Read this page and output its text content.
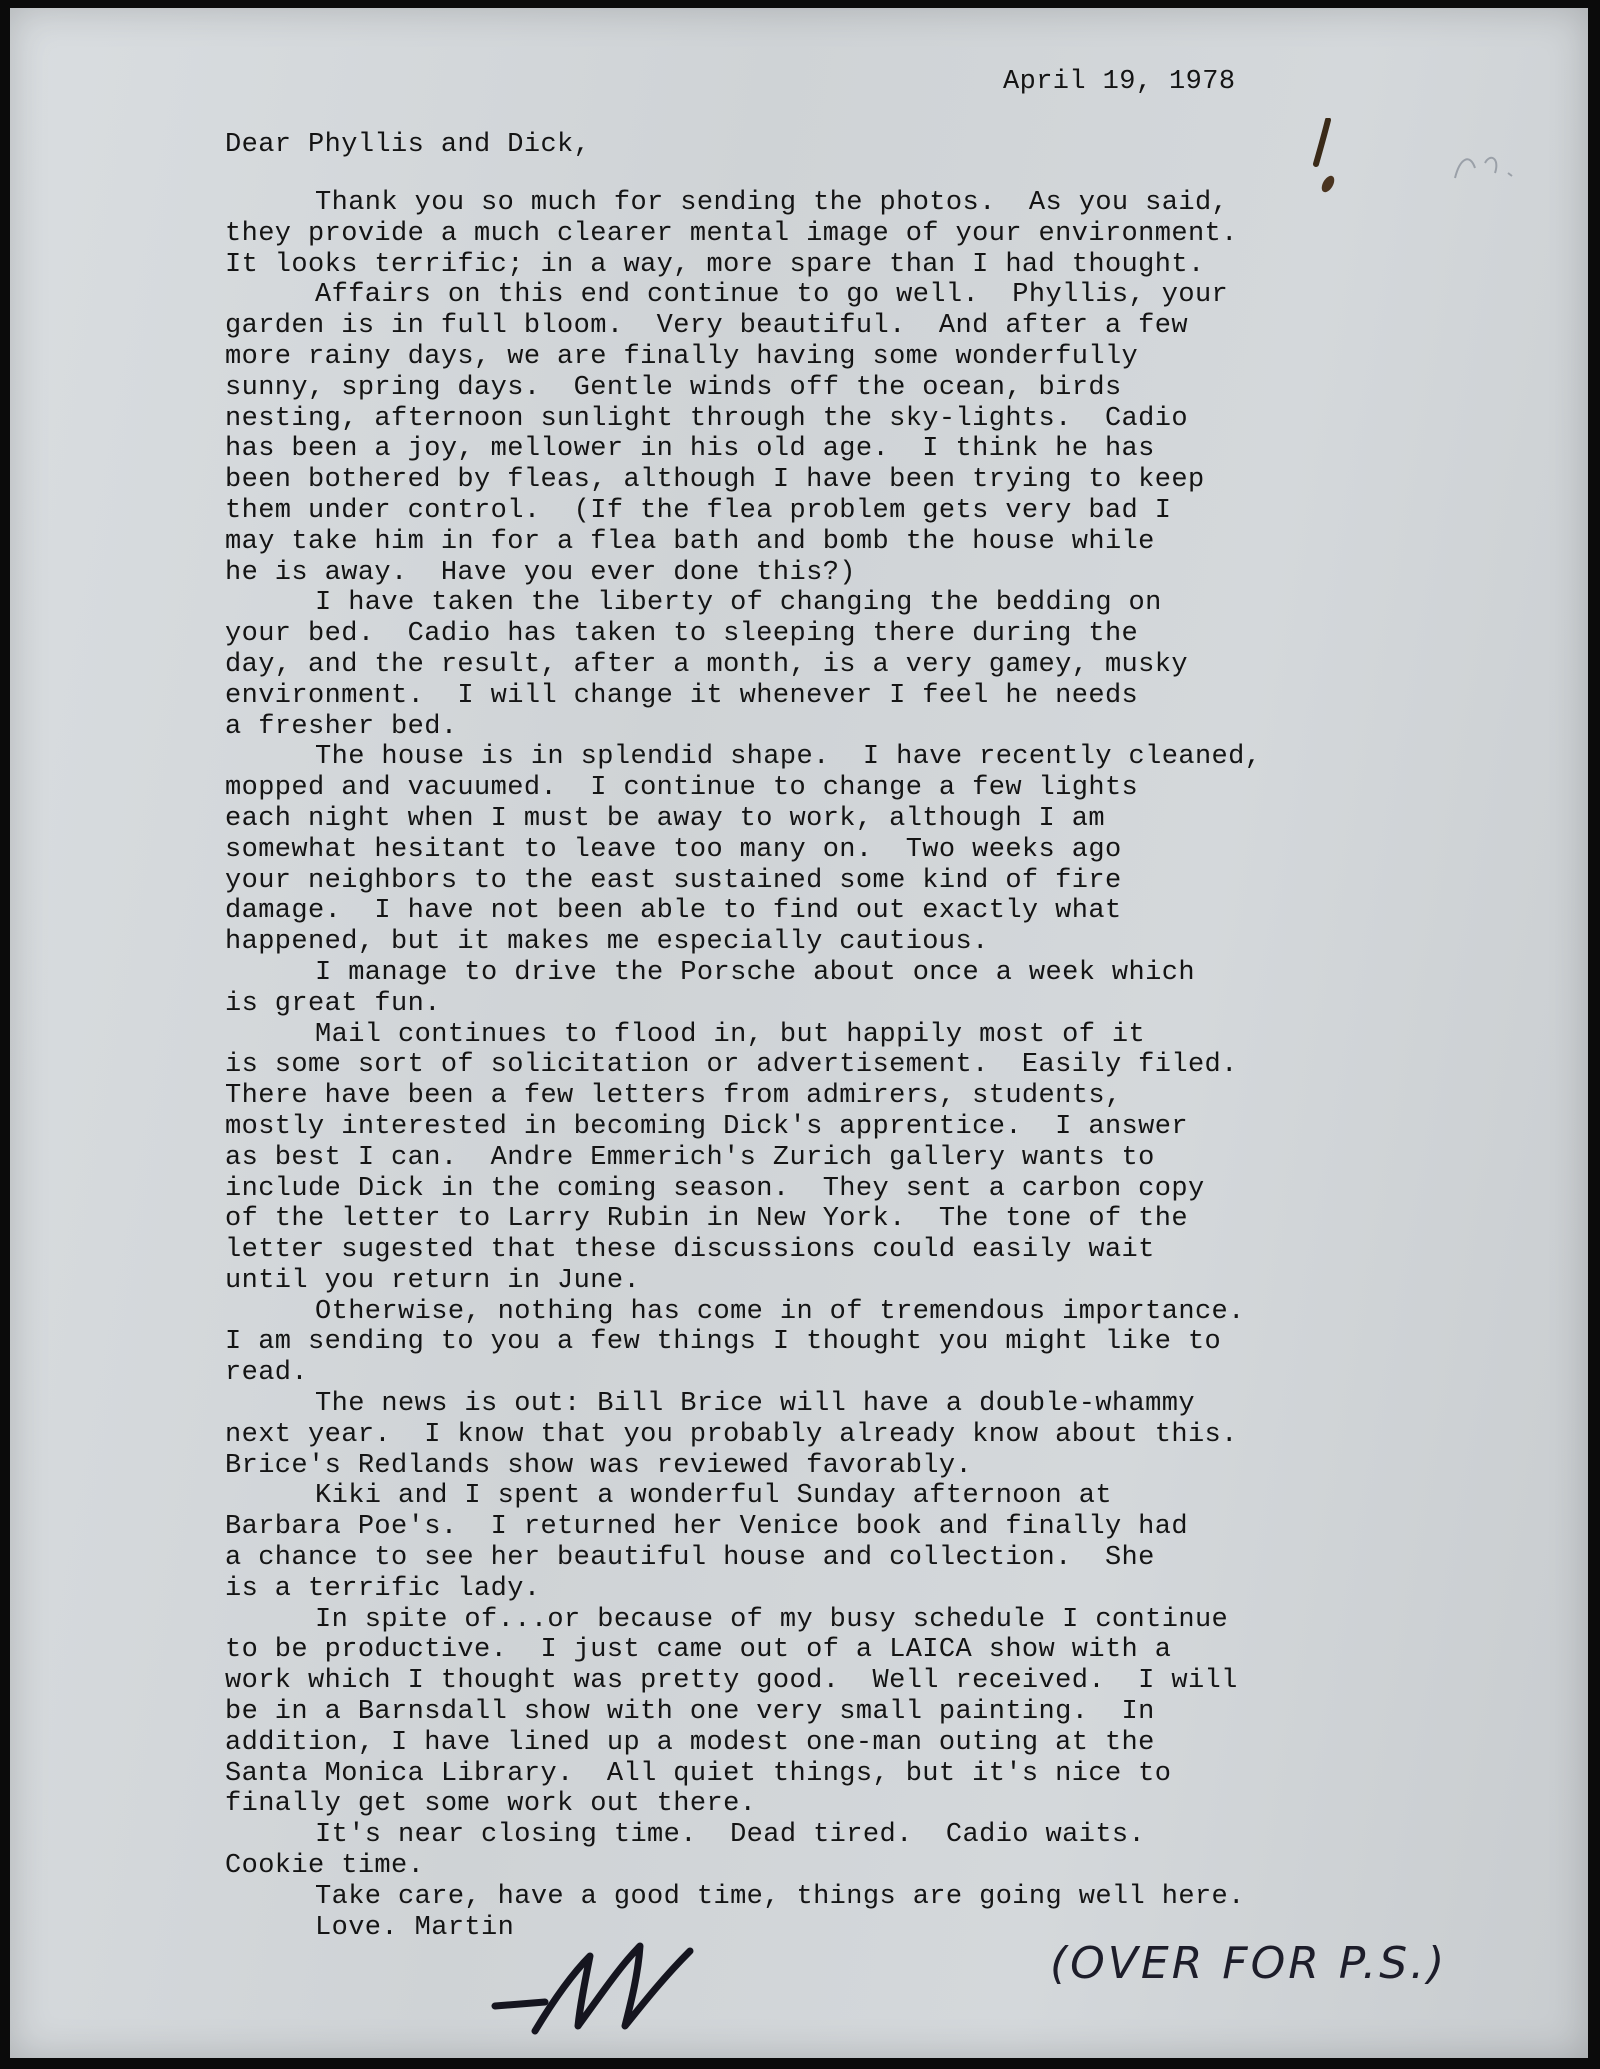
April 19, 1978
Dear Phyllis and Dick,
Thank you so much for sending the photos.  As you said,
they provide a much clearer mental image of your environment.
It looks terrific; in a way, more spare than I had thought.
Affairs on this end continue to go well.  Phyllis, your
garden is in full bloom.  Very beautiful.  And after a few
more rainy days, we are finally having some wonderfully
sunny, spring days.  Gentle winds off the ocean, birds
nesting, afternoon sunlight through the sky-lights.  Cadio
has been a joy, mellower in his old age.  I think he has
been bothered by fleas, although I have been trying to keep
them under control.  (If the flea problem gets very bad I
may take him in for a flea bath and bomb the house while
he is away.  Have you ever done this?)
I have taken the liberty of changing the bedding on
your bed.  Cadio has taken to sleeping there during the
day, and the result, after a month, is a very gamey, musky
environment.  I will change it whenever I feel he needs
a fresher bed.
The house is in splendid shape.  I have recently cleaned,
mopped and vacuumed.  I continue to change a few lights
each night when I must be away to work, although I am
somewhat hesitant to leave too many on.  Two weeks ago
your neighbors to the east sustained some kind of fire
damage.  I have not been able to find out exactly what
happened, but it makes me especially cautious.
I manage to drive the Porsche about once a week which
is great fun.
Mail continues to flood in, but happily most of it
is some sort of solicitation or advertisement.  Easily filed.
There have been a few letters from admirers, students,
mostly interested in becoming Dick's apprentice.  I answer
as best I can.  Andre Emmerich's Zurich gallery wants to
include Dick in the coming season.  They sent a carbon copy
of the letter to Larry Rubin in New York.  The tone of the
letter sugested that these discussions could easily wait
until you return in June.
Otherwise, nothing has come in of tremendous importance.
I am sending to you a few things I thought you might like to
read.
The news is out: Bill Brice will have a double-whammy
next year.  I know that you probably already know about this.
Brice's Redlands show was reviewed favorably.
Kiki and I spent a wonderful Sunday afternoon at
Barbara Poe's.  I returned her Venice book and finally had
a chance to see her beautiful house and collection.  She
is a terrific lady.
In spite of...or because of my busy schedule I continue
to be productive.  I just came out of a LAICA show with a
work which I thought was pretty good.  Well received.  I will
be in a Barnsdall show with one very small painting.  In
addition, I have lined up a modest one-man outing at the
Santa Monica Library.  All quiet things, but it's nice to
finally get some work out there.
It's near closing time.  Dead tired.  Cadio waits.
Cookie time.
Take care, have a good time, things are going well here.
Love. Martin
(OVER FOR P.S.)
